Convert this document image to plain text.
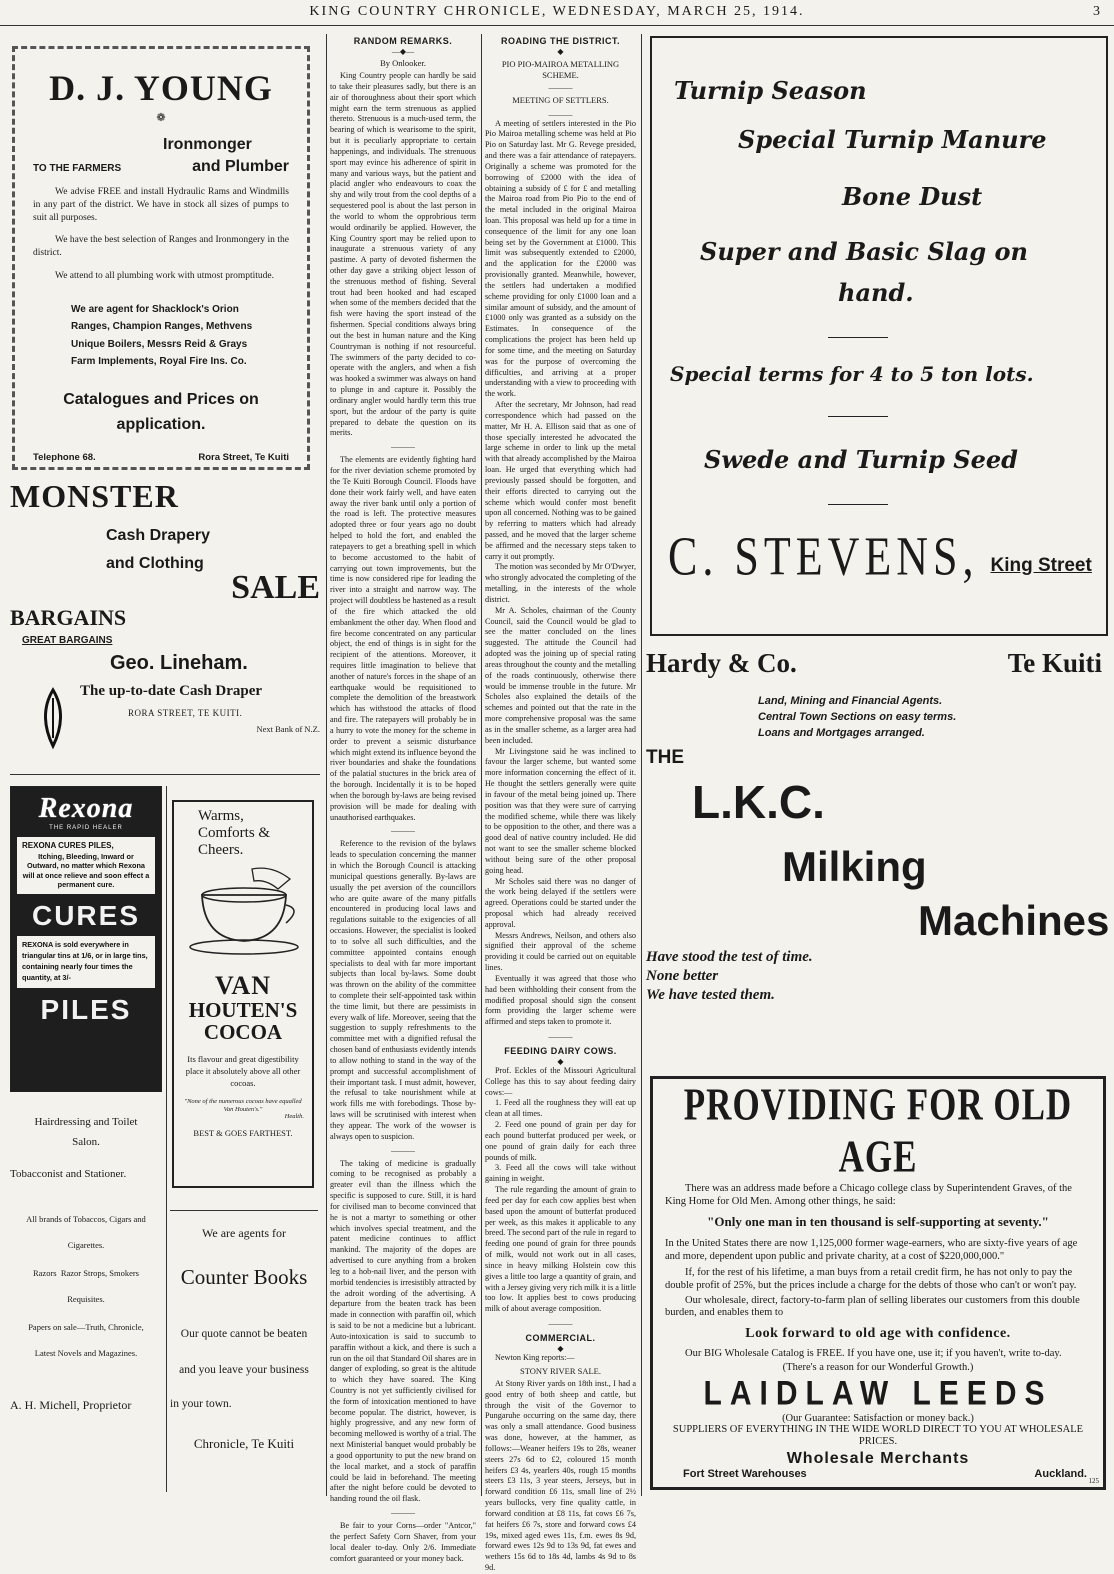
KING COUNTRY CHRONICLE, WEDNESDAY, MARCH 25, 1914.	3
D. J. YOUNG
❁
Ironmonger
TO THE FARMERS	and Plumber

We advise FREE and install Hydraulic Rams and Windmills in any part of the district. We have in stock all sizes of pumps to suit all purposes.

We have the best selection of Ranges and Ironmongery in the district.

We attend to all plumbing work with utmost promptitude.

We are agent for Shacklock's Orion Ranges, Champion Ranges, Methvens Unique Boilers, Messrs Reid & Grays Farm Implements, Royal Fire Ins. Co.

Catalogues and Prices on application.

Telephone 68.	Rora Street, Te Kuiti
MONSTER
Cash Drapery
and Clothing
SALE
BARGAINS
GREAT BARGAINS
Geo. Lineham.
The up-to-date Cash Draper
RORA STREET, TE KUITI.
Next Bank of N.Z.
Rexona
THE RAPID HEALER
REXONA CURES PILES,
Itching, Bleeding, Inward or Outward, no matter which Rexona will at once relieve and soon effect a permanent cure.
CURES
REXONA is sold everywhere in triangular tins at 1/6, or in large tins, containing nearly four times the quantity, at 3/-
PILES
Warms,
Comforts &
Cheers.
VAN
HOUTEN'S
COCOA
Its flavour and great digestibility place it absolutely above all other cocoas.
"None of the numerous cocoas have equalled Van Houten's."
Health.
BEST & GOES FARTHEST.
Hairdressing and Toilet
Salon.
Tobacconist and Stationer.
All brands of Tobaccos, Cigars and
Cigarettes.
Razors  Razor Strops, Smokers
Requisites.
Papers on sale—Truth, Chronicle,
Latest Novels and Magazines.
A. H. Michell, Proprietor
We are agents for
Counter Books
Our quote cannot be beaten
and you leave your business
in your town.
Chronicle, Te Kuiti
RANDOM REMARKS.
—◆—
By Onlooker.

King Country people can hardly be said to take their pleasures sadly, but there is an air of thoroughness about their sport which might earn the term strenuous as applied thereto. Strenuous is a much-used term, the bearing of which is wearisome to the spirit, but it is peculiarly appropriate to certain happenings, and individuals. The strenuous sport may evince his adherence of spirit in many and various ways, but the patient and placid angler who endeavours to coax the shy and wily trout from the cool depths of a sequestered pool is about the last person in the world to whom the opprobrious term would ordinarily be applied. However, the King Country sport may be relied upon to inaugurate a strenuous variety of any pastime. A party of devoted fishermen the other day gave a striking object lesson of the strenuous method of fishing. Several trout had been hooked and had escaped when some of the members decided that the fish were having the sport instead of the fishermen. Special conditions always bring out the best in human nature and the King Countryman is nothing if not resourceful. The swimmers of the party decided to co-operate with the anglers, and when a fish was hooked a swimmer was always on hand to plunge in and capture it. Possibly the ordinary angler would hardly term this true sport, but the ardour of the party is quite prepared to debate the question on its merits.

———

The elements are evidently fighting hard for the river deviation scheme promoted by the Te Kuiti Borough Council. Floods have done their work fairly well, and have eaten away the river bank until only a portion of the road is left. The protective measures adopted three or four years ago no doubt helped to hold the fort, and enabled the ratepayers to get a breathing spell in which to become accustomed to the habit of carrying out town improvements, but the time is now considered ripe for leading the river into a straight and narrow way. The project will doubtless be hastened as a result of the fire which attacked the old embankment the other day. When flood and fire become concentrated on any particular object, the end of things is in sight for the recipient of the attentions. Moreover, it requires little imagination to believe that another of nature's forces in the shape of an earthquake would be requisitioned to complete the demolition of the breastwork which has withstood the attacks of flood and fire. The ratepayers will probably be in a hurry to vote the money for the scheme in order to prevent a seismic disturbance which might extend its influence beyond the river boundaries and shake the foundations of the palatial stuctures in the brick area of the borough. Incidentally it is to be hoped when the borough by-laws are being revised provision will be made for dealing with unauthorised earthquakes.

———

Reference to the revision of the bylaws leads to speculation concerning the manner in which the Borough Council is attacking municipal questions generally. By-laws are usually the pet aversion of the councillors who are quite aware of the many pitfalls encountered in producing local laws and regulations suitable to the exigencies of all occasions. However, the specialist is looked to to solve all such difficulties, and the committee appointed contains enough specialists to deal with far more important subjects than local by-laws. Some doubt was thrown on the ability of the committee to complete their self-appointed task within the time limit, but there are pessimists in every walk of life. Moreover, seeing that the suggestion to supply refreshments to the committee met with a dignified refusal the chosen band of enthusiasts evidently intends to allow nothing to stand in the way of the prompt and successful accomplishment of their important task. I must admit, however, the refusal to take nourishment while at work fills me with forebodings. Those by-laws will be scrutinised with interest when they appear. The work of the wowser is always open to suspicion.

———

The taking of medicine is gradually coming to be recognised as probably a greater evil than the illness which the specific is supposed to cure. Still, it is hard for civilised man to become convinced that he is not a martyr to something or other which involves special treatment, and the patent medicine continues to afflict mankind. The majority of the dopes are advertised to cure anything from a broken leg to a hob-nail liver, and the person with morbid tendencies is irresistibly attracted by the adroit wording of the advertising. A departure from the beaten track has been made in connection with paraffin oil, which is said to be not a medicine but a lubricant. Auto-intoxication is said to succumb to paraffin without a kick, and there is such a run on the oil that Standard Oil shares are in danger of exploding, so great is the altitude to which they have soared. The King Country is not yet sufficiently civilised for the form of intoxication mentioned to have become popular. The district, however, is highly progressive, and any new form of becoming mellowed is worthy of a trial. The next Ministerial banquet would probably be a good opportunity to put the new brand on the local market, and a stock of paraffin could be laid in beforehand. The meeting after the night before could be devoted to handing round the oil flask.

———

Be fair to your Corns—order "Antcor," the perfect Safety Corn Shaver, from your local dealer to-day. Only 2/6. Immediate comfort guaranteed or your money back.

ROADING THE DISTRICT.
◆
PIO PIO-MAIROA METALLING SCHEME.
———
MEETING OF SETTLERS.
———

A meeting of settlers interested in the Pio Pio Mairoa metalling scheme was held at Pio Pio on Saturday last. Mr G. Revege presided, and there was a fair attendance of ratepayers. Originally a scheme was promoted for the borrowing of £2000 with the idea of obtaining a subsidy of £ for £ and metalling the Mairoa road from Pio Pio to the end of the metal included in the original Mairoa loan. This proposal was held up for a time in consequence of the limit for any one loan being set by the Government at £1000. This limit was subsequently extended to £2000, and the application for the £2000 was provisionally granted. Meanwhile, however, the settlers had undertaken a modified scheme providing for only £1000 loan and a similar amount of subsidy, and the amount of £1000 only was granted as a subsidy on the Estimates. In consequence of the complications the project has been held up for some time, and the meeting on Saturday was for the purpose of overcoming the difficulties, and arriving at a proper understanding with a view to proceeding with the work.

After the secretary, Mr Johnson, had read correspondence which had passed on the matter, Mr H. A. Ellison said that as one of those specially interested he advocated the large scheme in order to link up the metal with that already accomplished by the Mairoa loan. He urged that everything which had previously passed should be forgotten, and their efforts directed to carrying out the scheme which would confer most benefit upon all concerned. Nothing was to be gained by referring to matters which had already passed, and he moved that the larger scheme be affirmed and the necessary steps taken to carry it out promptly.

The motion was seconded by Mr O'Dwyer, who strongly advocated the completing of the metalling, in the interests of the whole district.

Mr A. Scholes, chairman of the County Council, said the Council would be glad to see the matter concluded on the lines suggested. The attitude the Council had adopted was the joining up of special rating areas throughout the county and the metalling of the roads continuously, otherwise there would be immense trouble in the future. Mr Scholes also explained the details of the schemes and pointed out that the rate in the more comprehensive proposal was the same as in the smaller scheme, as a larger area had been included.

Mr Livingstone said he was inclined to favour the larger scheme, but wanted some more information concerning the effect of it. He thought the settlers generally were quite in favour of the metal being joined up. There position was that they were sure of carrying the modified scheme, while there was likely to be opposition to the other, and there was a good deal of native country included. He did not want to see the smaller scheme blocked without being sure of the other proposal going head.

Mr Scholes said there was no danger of the work being delayed if the settlers were agreed. Operations could be started under the proposal which had already received approval.

Messrs Andrews, Neilson, and others also signified their approval of the scheme providing it could be carried out on equitable lines.

Eventually it was agreed that those who had been withholding their consent from the modified proposal should sign the consent form providing the larger scheme were affirmed and steps taken to promote it.

———
FEEDING DAIRY COWS.
◆

Prof. Eckles of the Missouri Agricultural College has this to say about feeding dairy cows:—

1. Feed all the roughness they will eat up clean at all times.

2. Feed one pound of grain per day for each pound butterfat produced per week, or one pound of grain daily for each three pounds of milk.

3. Feed all the cows will take without gaining in weight.

The rule regarding the amount of grain to feed per day for each cow applies best when based upon the amount of butterfat produced per week, as this makes it applicable to any breed. The second part of the rule in regard to feeding one pound of grain for three pounds of milk, would not work out in all cases, since in heavy milking Holstein cow this gives a little too large a quantity of grain, and with a Jersey giving very rich milk it is a little too low. It applies best to cows producing milk of about average composition.

———
COMMERCIAL.
◆

Newton King reports:—

STONY RIVER SALE.

At Stony River yards on 18th inst., I had a good entry of both sheep and cattle, but through the visit of the Governor to Pungaruhe occurring on the same day, there was only a small attendance. Good business was done, however, at the hammer, as follows:—Weaner heifers 19s to 28s, weaner steers 27s 6d to £2, coloured 15 month heifers £3 4s, yearlers 40s, rough 15 months steers £3 11s, 3 year steers, Jerseys, but in forward condition £6 11s, small line of 2½ years bullocks, very fine quality cattle, in forward condition at £8 11s, fat cows £6 7s, fat heifers £6 7s, store and forward cows £4 19s, mixed aged ewes 11s, f.m. ewes 8s 9d, forward ewes 12s 9d to 13s 9d, fat ewes and wethers 15s 6d to 18s 4d, lambs 4s 9d to 8s 9d.

Turnip Season
Special Turnip Manure
Bone Dust
Super and Basic Slag on
hand.
Special terms for 4 to 5 ton lots.
Swede and Turnip Seed
C. STEVENS, King Street
Hardy & Co.	Te Kuiti
Land, Mining and Financial Agents.
Central Town Sections on easy terms.
Loans and Mortgages arranged.
THE
L.K.C.
Milking
Machines
Have stood the test of time.
None better
We have tested them.
PROVIDING FOR OLD AGE

There was an address made before a Chicago college class by Superintendent Graves, of the King Home for Old Men. Among other things, he said:

"Only one man in ten thousand is self-supporting at seventy."

In the United States there are now 1,125,000 former wage-earners, who are sixty-five years of age and more, dependent upon public and private charity, at a cost of $220,000,000."

If, for the rest of his lifetime, a man buys from a retail credit firm, he has not only to pay the double profit of 25%, but the prices include a charge for the debts of those who can't or won't pay.

Our wholesale, direct, factory-to-farm plan of selling liberates our customers from this double burden, and enables them to

Look forward to old age with confidence.

Our BIG Wholesale Catalog is FREE. If you have one, use it; if you haven't, write to-day.

(There's a reason for our Wonderful Growth.)

LAIDLAW LEEDS

(Our Guarantee: Satisfaction or money back.)

SUPPLIERS OF EVERYTHING IN THE WIDE WORLD DIRECT TO YOU AT WHOLESALE PRICES.

Wholesale Merchants
Fort Street Warehouses	Auckland.
125
